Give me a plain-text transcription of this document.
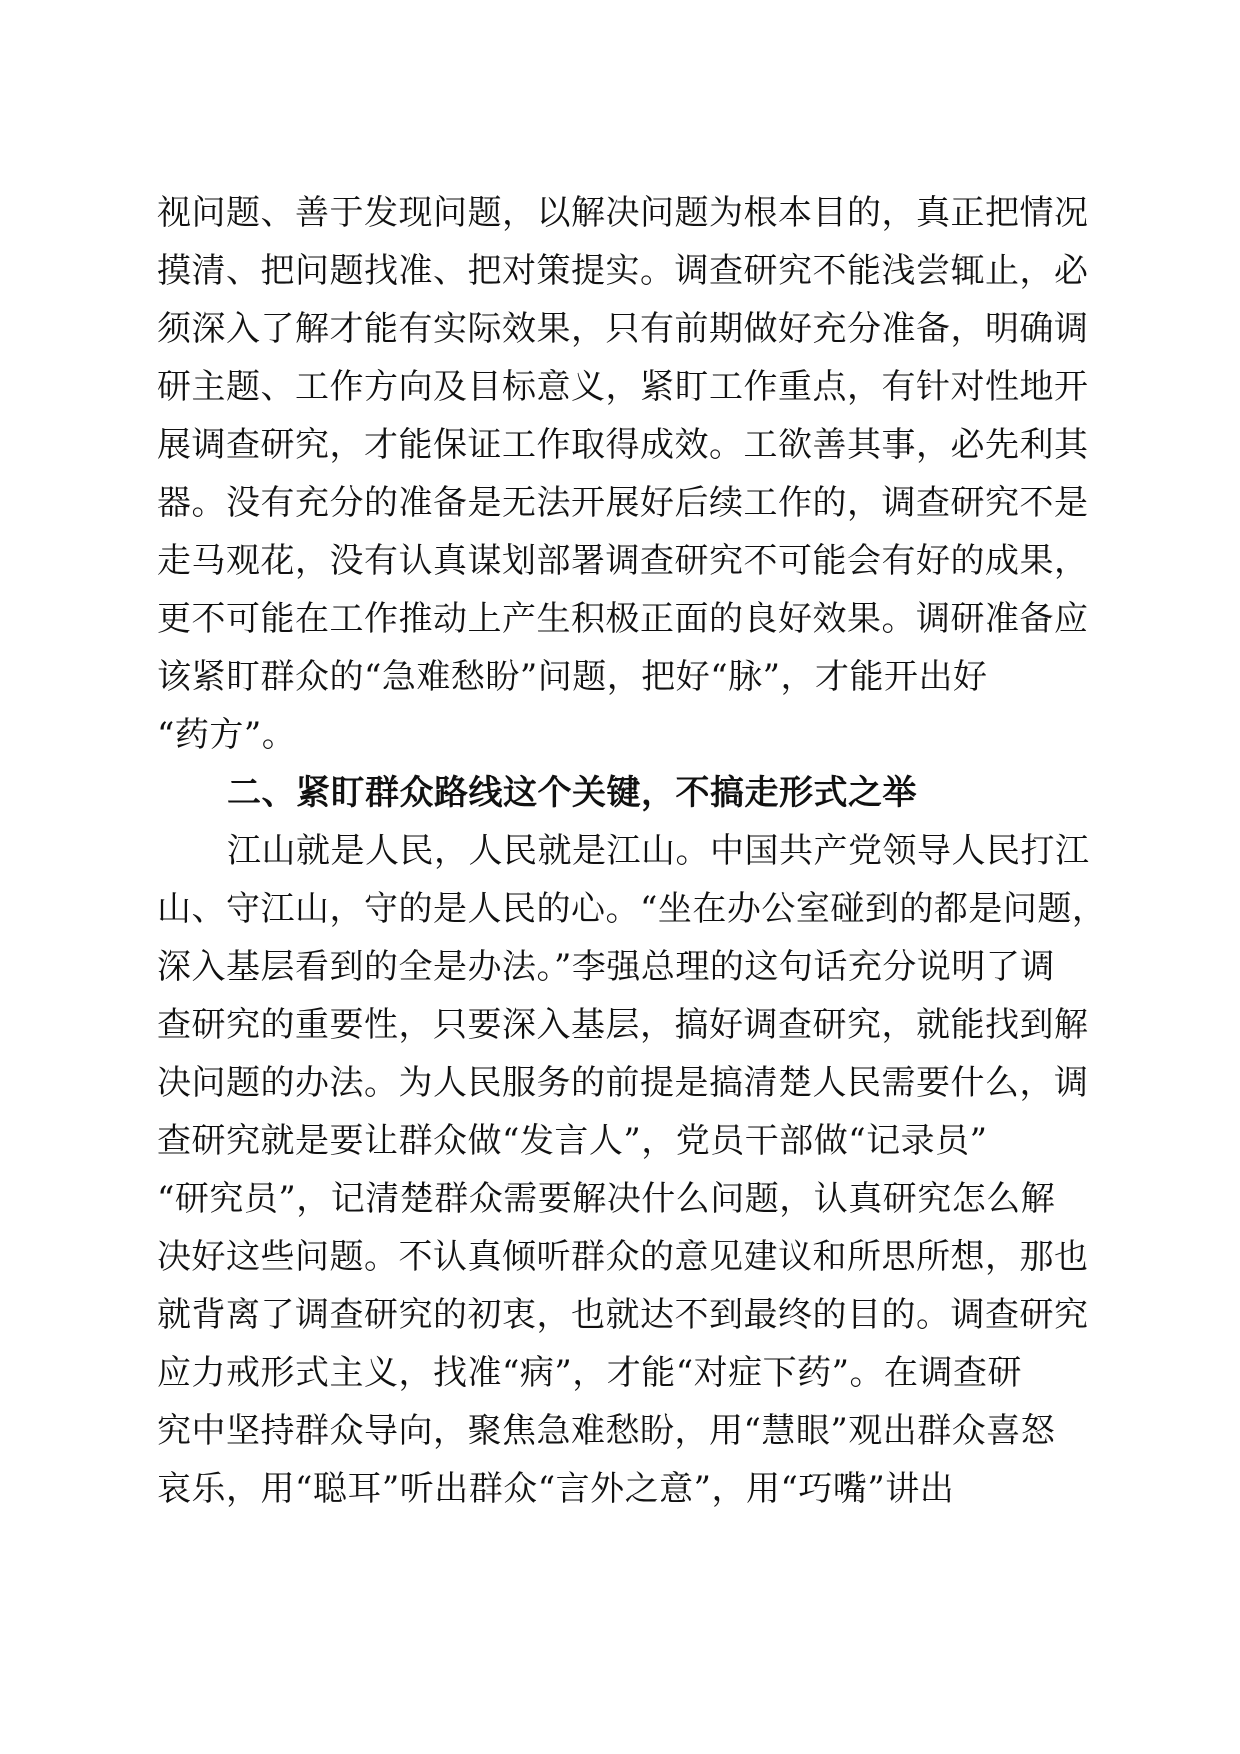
视问题、善于发现问题，以解决问题为根本目的，真正把情况
摸清、把问题找准、把对策提实。调查研究不能浅尝辄止，必
须深入了解才能有实际效果，只有前期做好充分准备，明确调
研主题、工作方向及目标意义，紧盯工作重点，有针对性地开
展调查研究，才能保证工作取得成效。工欲善其事，必先利其
器。没有充分的准备是无法开展好后续工作的，调查研究不是
走马观花，没有认真谋划部署调查研究不可能会有好的成果，
更不可能在工作推动上产生积极正面的良好效果。调研准备应
该紧盯群众的“急难愁盼”问题，把好“脉”，才能开出好
“药方”。
二、紧盯群众路线这个关键，不搞走形式之举
江山就是人民，人民就是江山。中国共产党领导人民打江
山、守江山，守的是人民的心。“坐在办公室碰到的都是问题，
深入基层看到的全是办法。”李强总理的这句话充分说明了调
查研究的重要性，只要深入基层，搞好调查研究，就能找到解
决问题的办法。为人民服务的前提是搞清楚人民需要什么，调
查研究就是要让群众做“发言人”，党员干部做“记录员”
“研究员”，记清楚群众需要解决什么问题，认真研究怎么解
决好这些问题。不认真倾听群众的意见建议和所思所想，那也
就背离了调查研究的初衷，也就达不到最终的目的。调查研究
应力戒形式主义，找准“病”，才能“对症下药”。在调查研
究中坚持群众导向，聚焦急难愁盼，用“慧眼”观出群众喜怒
哀乐，用“聪耳”听出群众“言外之意”，用“巧嘴”讲出
